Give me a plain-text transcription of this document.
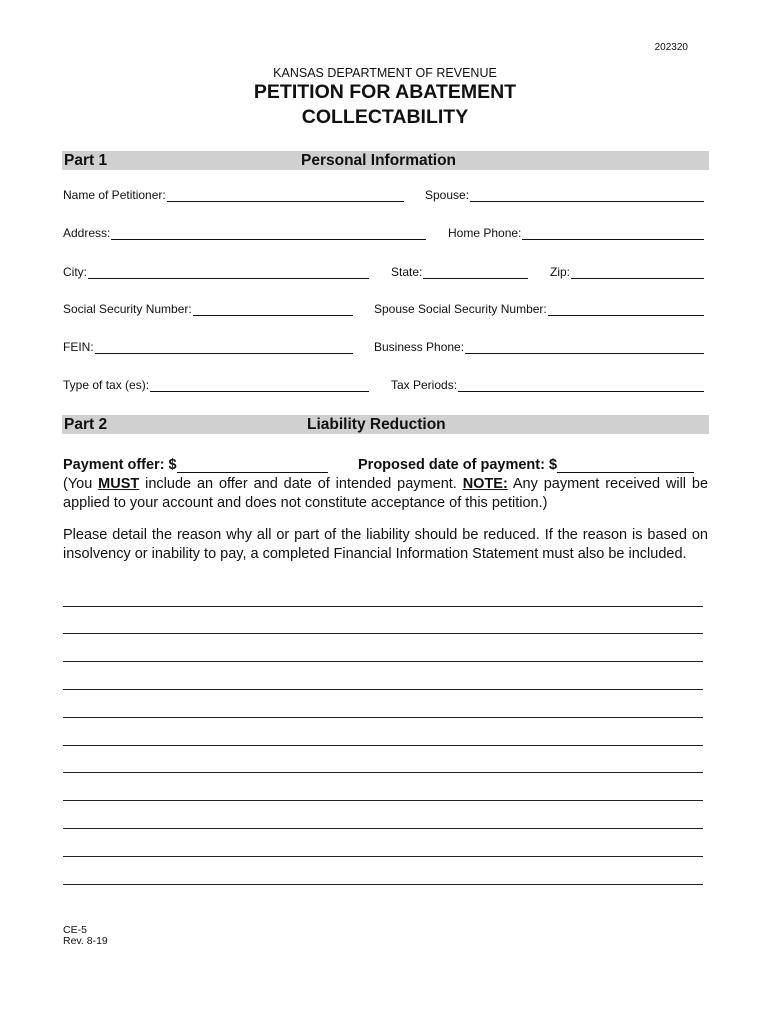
202320
KANSAS DEPARTMENT OF REVENUE
PETITION FOR ABATEMENT
COLLECTABILITY
Part 1	Personal Information
Name of Petitioner:	Spouse:
Address:	Home Phone:
City:	State:	Zip:
Social Security Number:	Spouse Social Security Number:
FEIN:	Business Phone:
Type of tax (es):	Tax Periods:
Part 2	Liability Reduction
Payment offer: $	Proposed date of payment: $
(You MUST include an offer and date of intended payment. NOTE: Any payment received will be applied to your account and does not constitute acceptance of this petition.)
Please detail the reason why all or part of the liability should be reduced. If the reason is based on insolvency or inability to pay, a completed Financial Information Statement must also be included.
CE-5
Rev. 8-19
